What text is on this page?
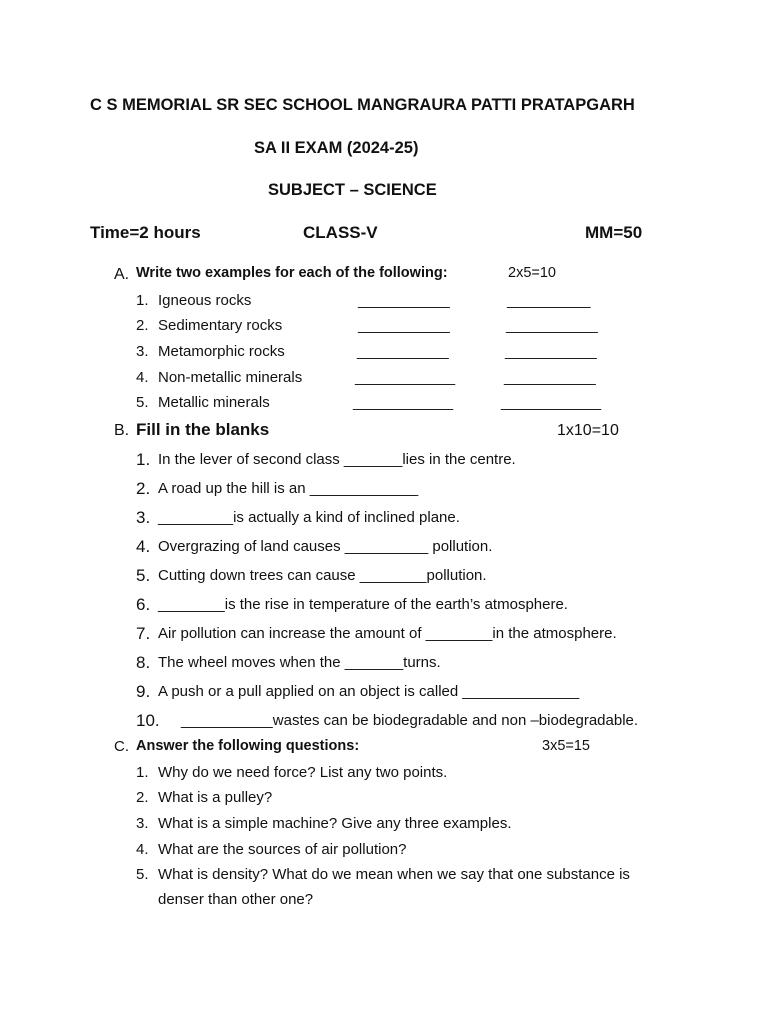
C S MEMORIAL SR SEC SCHOOL MANGRAURA PATTI PRATAPGARH
SA II EXAM (2024-25)
SUBJECT – SCIENCE
Time=2 hours	CLASS-V	MM=50
A. Write two examples for each of the following:	2x5=10
1. Igneous rocks	___________	__________
2. Sedimentary rocks	___________	___________
3. Metamorphic rocks	___________	___________
4. Non-metallic minerals	____________	___________
5. Metallic minerals	____________	____________
B. Fill in the blanks	1x10=10
1. In the lever of second class _______lies in the centre.
2. A road up the hill is an _____________
3. _________is actually a kind of inclined plane.
4. Overgrazing of land causes __________ pollution.
5. Cutting down trees can cause ________pollution.
6. ________is the rise in temperature of the earth’s atmosphere.
7. Air pollution can increase the amount of ________in the atmosphere.
8. The wheel moves when the _______turns.
9. A push or a pull applied on an object is called ______________
10. ___________wastes can be biodegradable and non –biodegradable.
C. Answer the following questions:	3x5=15
1. Why do we need force? List any two points.
2. What is a pulley?
3. What is a simple machine? Give any three examples.
4. What are the sources of air pollution?
5. What is density? What do we mean when we say that one substance is
denser than other one?
